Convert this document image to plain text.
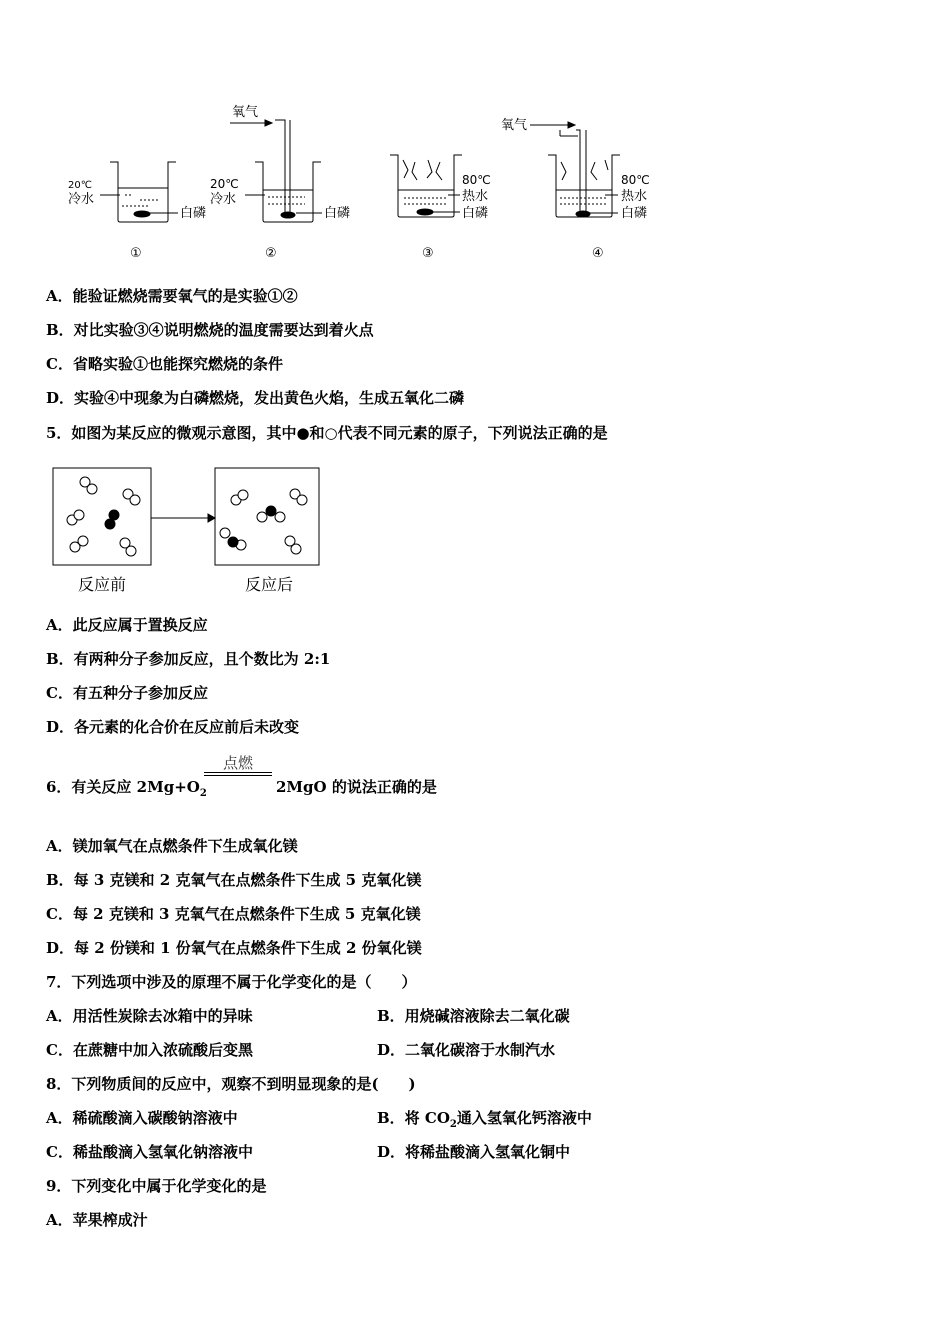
20℃
冷水
白磷
20℃
冷水
白磷
氧气
80℃
热水
白磷
氧气
80℃
热水
白磷
①	②	③	④
A．能验证燃烧需要氧气的是实验①②
B．对比实验③④说明燃烧的温度需要达到着火点
C．省略实验①也能探究燃烧的条件
D．实验④中现象为白磷燃烧，发出黄色火焰，生成五氧化二磷
5．如图为某反应的微观示意图，其中●和○代表不同元素的原子，下列说法正确的是
反应前	反应后
A．此反应属于置换反应
B．有两种分子参加反应，且个数比为 2:1
C．有五种分子参加反应
D．各元素的化合价在反应前后未改变
6．有关反应 $2Mg+O_2$
点燃
2MgO 的说法正确的是
A．镁加氧气在点燃条件下生成氧化镁
B．每 3 克镁和 2 克氧气在点燃条件下生成 5 克氧化镁
C．每 2 克镁和 3 克氧气在点燃条件下生成 5 克氧化镁
D．每 2 份镁和 1 份氧气在点燃条件下生成 2 份氧化镁
7．下列选项中涉及的原理不属于化学变化的是（　　）
A．用活性炭除去冰箱中的异味	B．用烧碱溶液除去二氧化碳
C．在蔗糖中加入浓硫酸后变黑	D．二氧化碳溶于水制汽水
8．下列物质间的反应中，观察不到明显现象的是(　　)
A．稀硫酸滴入碳酸钠溶液中	B．将 $CO_2$通入氢氧化钙溶液中
C．稀盐酸滴入氢氧化钠溶液中	D．将稀盐酸滴入氢氧化铜中
9．下列变化中属于化学变化的是
A．苹果榨成汁
